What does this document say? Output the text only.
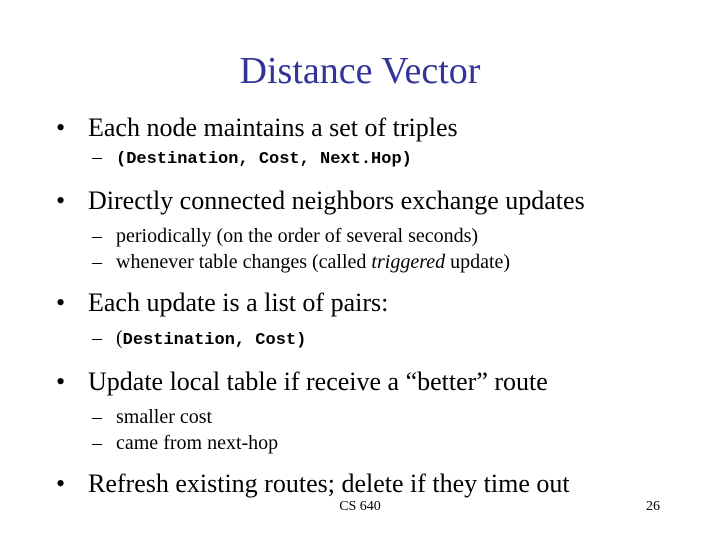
Distance Vector
• Each node maintains a set of triples
– (Destination, Cost, Next.Hop)
• Directly connected neighbors exchange updates
– periodically (on the order of several seconds)
– whenever table changes (called triggered update)
• Each update is a list of pairs:
– (Destination, Cost)
• Update local table if receive a “better” route
– smaller cost
– came from next-hop
• Refresh existing routes; delete if they time out
CS 640	26
